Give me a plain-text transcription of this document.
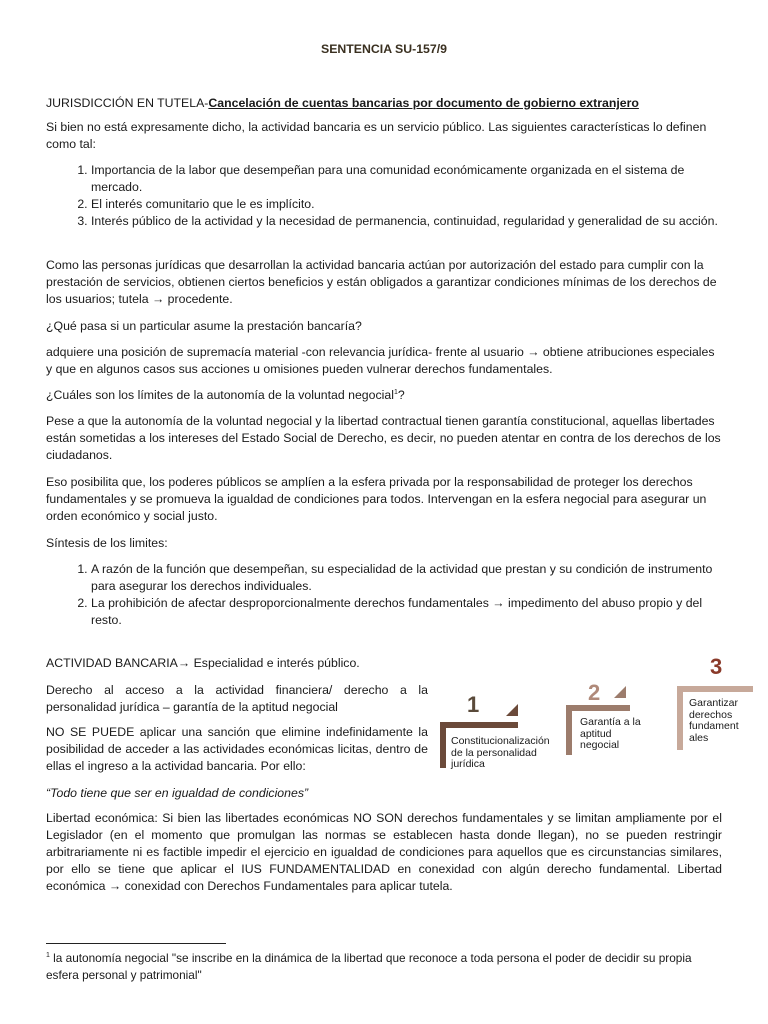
SENTENCIA SU-157/9
JURISDICCIÓN EN TUTELA-Cancelación de cuentas bancarias por documento de gobierno extranjero

Si bien no está expresamente dicho, la actividad bancaria es un servicio público. Las siguientes características lo definen como tal:

1. Importancia de la labor que desempeñan para una comunidad económicamente organizada en el sistema de mercado.
2. El interés comunitario que le es implícito.
3. Interés público de la actividad y la necesidad de permanencia, continuidad, regularidad y generalidad de su acción.

Como las personas jurídicas que desarrollan la actividad bancaria actúan por autorización del estado para cumplir con la prestación de servicios, obtienen ciertos beneficios y están obligados a garantizar condiciones mínimas de los derechos de los usuarios; tutela → procedente.

¿Qué pasa si un particular asume la prestación bancaría?

adquiere una posición de supremacía material -con relevancia jurídica- frente al usuario → obtiene atribuciones especiales y que en algunos casos sus acciones u omisiones pueden vulnerar derechos fundamentales.

¿Cuáles son los límites de la autonomía de la voluntad negocial$^1$?

Pese a que la autonomía de la voluntad negocial y la libertad contractual tienen garantía constitucional, aquellas libertades están sometidas a los intereses del Estado Social de Derecho, es decir, no pueden atentar en contra de los derechos de los ciudadanos.

Eso posibilita que, los poderes públicos se amplíen a la esfera privada por la responsabilidad de proteger los derechos fundamentales y se promueva la igualdad de condiciones para todos. Intervengan en la esfera negocial para asegurar un orden económico y social justo.

Síntesis de los limites:

1. A razón de la función que desempeñan, su especialidad de la actividad que prestan y su condición de instrumento para asegurar los derechos individuales.
2. La prohibición de afectar desproporcionalmente derechos fundamentales → impedimento del abuso propio y del resto.

ACTIVIDAD BANCARIA→ Especialidad e interés público.

Derecho al acceso a la actividad financiera/ derecho a la personalidad jurídica – garantía de la aptitud negocial

NO SE PUEDE aplicar una sanción que elimine indefinidamente la posibilidad de acceder a las actividades económicas licitas, dentro de ellas el ingreso a la actividad bancaria. Por ello:

“Todo tiene que ser en igualdad de condiciones”

Libertad económica: Si bien las libertades económicas NO SON derechos fundamentales y se limitan ampliamente por el Legislador (en el momento que promulgan las normas se establecen hasta donde llegan), no se pueden restringir arbitrariamente ni es factible impedir el ejercicio en igualdad de condiciones para aquellos que es circunstancias similares, por ello se tiene que aplicar el IUS FUNDAMENTALIDAD en conexidad con algún derecho fundamental. Libertad económica → conexidad con Derechos Fundamentales para aplicar tutela.

1
Constitucionalización
de la personalidad
jurídica
2
Garantía a la
aptitud
negocial
3
Garantizar
derechos
fundament
ales
$^1$ la autonomía negocial "se inscribe en la dinámica de la libertad que reconoce a toda persona el poder de decidir su propia esfera personal y patrimonial"
